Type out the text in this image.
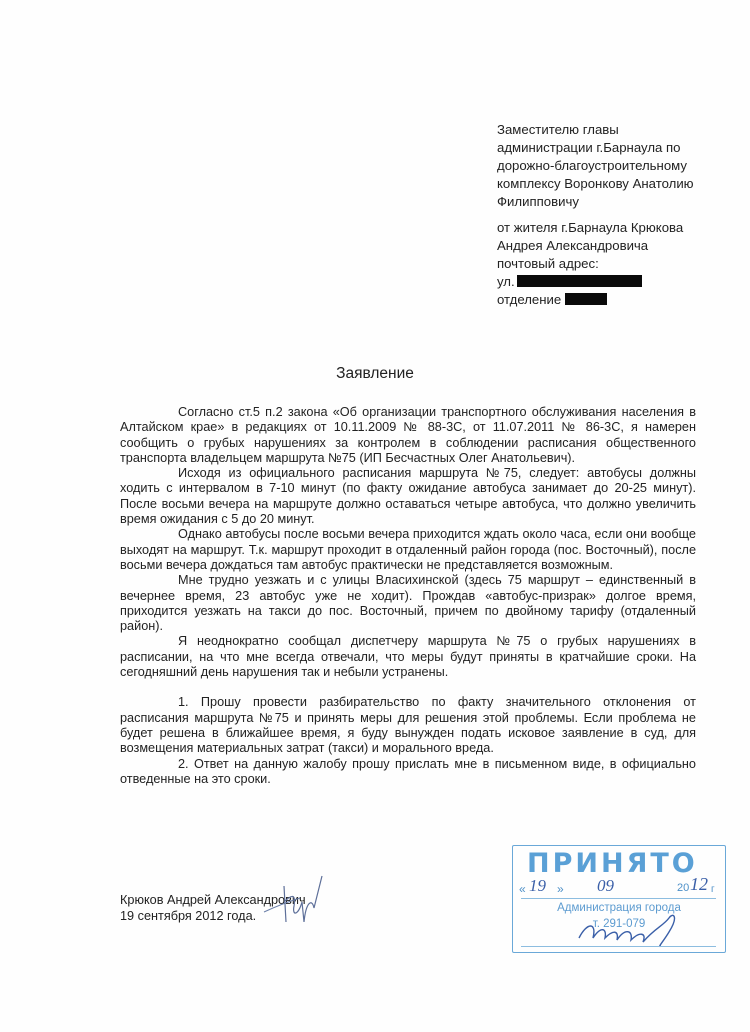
Заместителю главы
администрации г.Барнаула по
дорожно-благоустроительному
комплексу Воронкову Анатолию
Филипповичу
от жителя г.Барнаула Крюкова
Андрея Александровича
почтовый адрес:
ул.
отделение
Заявление

Согласно ст.5 п.2 закона «Об организации транспортного обслуживания населения в Алтайском крае» в редакциях от 10.11.2009 № 88-3С, от 11.07.2011 № 86-3С, я намерен сообщить о грубых нарушениях за контролем в соблюдении расписания общественного транспорта владельцем маршрута №75 (ИП Бесчастных Олег Анатольевич).

Исходя из официального расписания маршрута №75, следует: автобусы должны ходить с интервалом в 7-10 минут (по факту ожидание автобуса занимает до 20-25 минут). После восьми вечера на маршруте должно оставаться четыре автобуса, что должно увеличить время ожидания с 5 до 20 минут.

Однако автобусы после восьми вечера приходится ждать около часа, если они вообще выходят на маршрут. Т.к. маршрут проходит в отдаленный район города (пос. Восточный), после восьми вечера дождаться там автобус практически не представляется возможным.

Мне трудно уезжать и с улицы Власихинской (здесь 75 маршрут – единственный в вечернее время, 23 автобус уже не ходит). Прождав «автобус-призрак» долгое время, приходится уезжать на такси до пос. Восточный, причем по двойному тарифу (отдаленный район).

Я неоднократно сообщал диспетчеру маршрута №75 о грубых нарушениях в расписании, на что мне всегда отвечали, что меры будут приняты в кратчайшие сроки. На сегодняшний день нарушения так и небыли устранены.

1. Прошу провести разбирательство по факту значительного отклонения от расписания маршрута №75 и принять меры для решения этой проблемы. Если проблема не будет решена в ближайшее время, я буду вынужден подать исковое заявление в суд, для возмещения материальных затрат (такси) и морального вреда.

2. Ответ на данную жалобу прошу прислать мне в письменном виде, в официально отведенные на это сроки.

Крюков Андрей Александрович
19 сентября 2012 года.
ПРИНЯТО
« 19 » 09	20 12 г
Администрация города
т. 291-079
